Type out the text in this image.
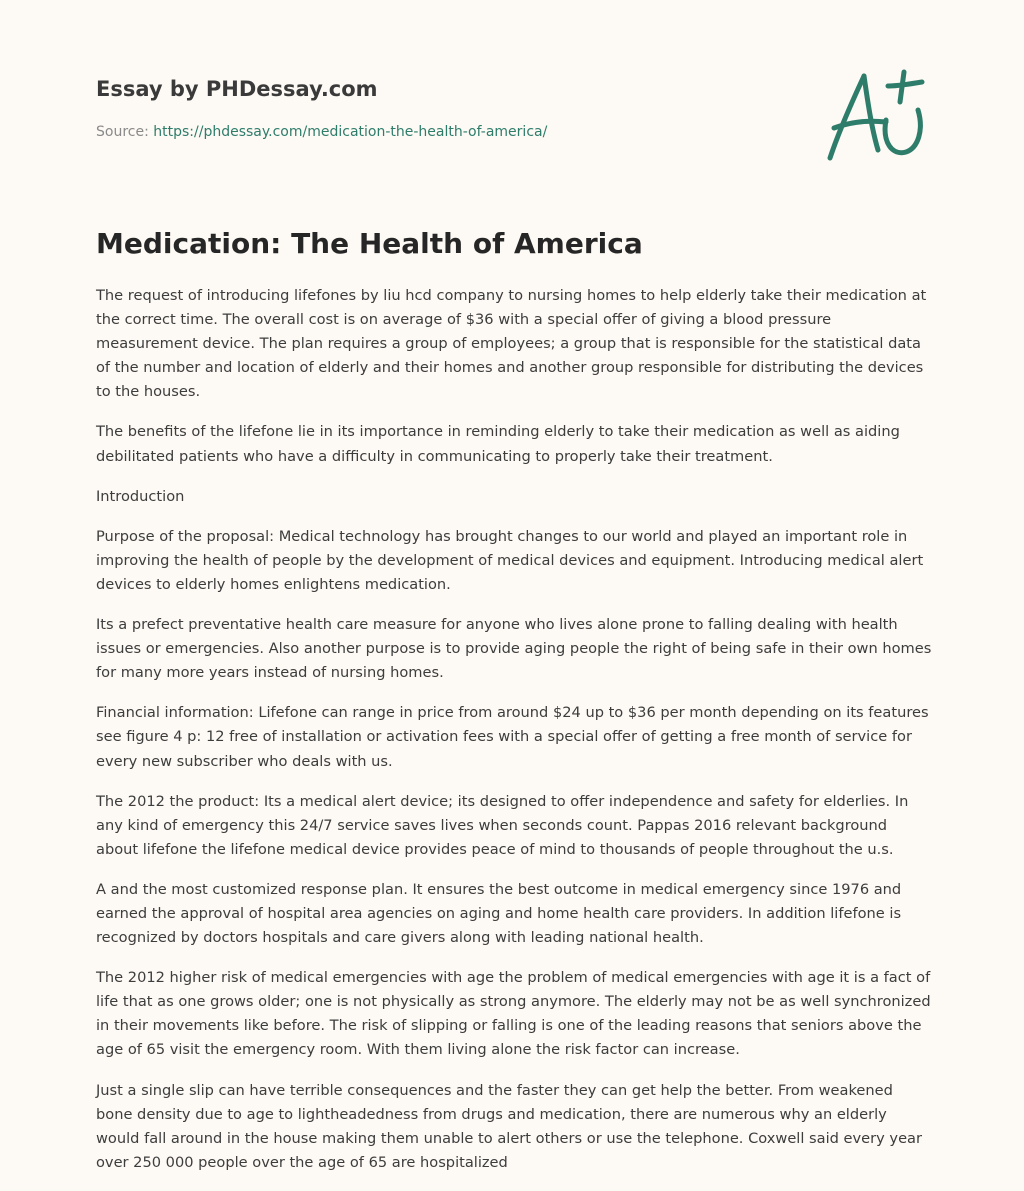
Essay by PHDessay.com
Source: https://phdessay.com/medication-the-health-of-america/
Medication: The Health of America

The request of introducing lifefones by liu hcd company to nursing homes to help elderly take their medication at the correct time. The overall cost is on average of $36 with a special offer of giving a blood pressure measurement device. The plan requires a group of employees; a group that is responsible for the statistical data of the number and location of elderly and their homes and another group responsible for distributing the devices to the houses.

The benefits of the lifefone lie in its importance in reminding elderly to take their medication as well as aiding debilitated patients who have a difficulty in communicating to properly take their treatment.

Introduction

Purpose of the proposal: Medical technology has brought changes to our world and played an important role in improving the health of people by the development of medical devices and equipment. Introducing medical alert devices to elderly homes enlightens medication.

Its a prefect preventative health care measure for anyone who lives alone prone to falling dealing with health issues or emergencies. Also another purpose is to provide aging people the right of being safe in their own homes for many more years instead of nursing homes.

Financial information: Lifefone can range in price from around $24 up to $36 per month depending on its features see figure 4 p: 12 free of installation or activation fees with a special offer of getting a free month of service for every new subscriber who deals with us.

The 2012 the product: Its a medical alert device; its designed to offer independence and safety for elderlies. In any kind of emergency this 24/7 service saves lives when seconds count. Pappas 2016 relevant background about lifefone the lifefone medical device provides peace of mind to thousands of people throughout the u.s.

A and the most customized response plan. It ensures the best outcome in medical emergency since 1976 and earned the approval of hospital area agencies on aging and home health care providers. In addition lifefone is recognized by doctors hospitals and care givers along with leading national health.

The 2012 higher risk of medical emergencies with age the problem of medical emergencies with age it is a fact of life that as one grows older; one is not physically as strong anymore. The elderly may not be as well synchronized in their movements like before. The risk of slipping or falling is one of the leading reasons that seniors above the age of 65 visit the emergency room. With them living alone the risk factor can increase.

Just a single slip can have terrible consequences and the faster they can get help the better. From weakened bone density due to age to lightheadedness from drugs and medication, there are numerous why an elderly would fall around in the house making them unable to alert others or use the telephone. Coxwell said every year over 250 000 people over the age of 65 are hospitalized
